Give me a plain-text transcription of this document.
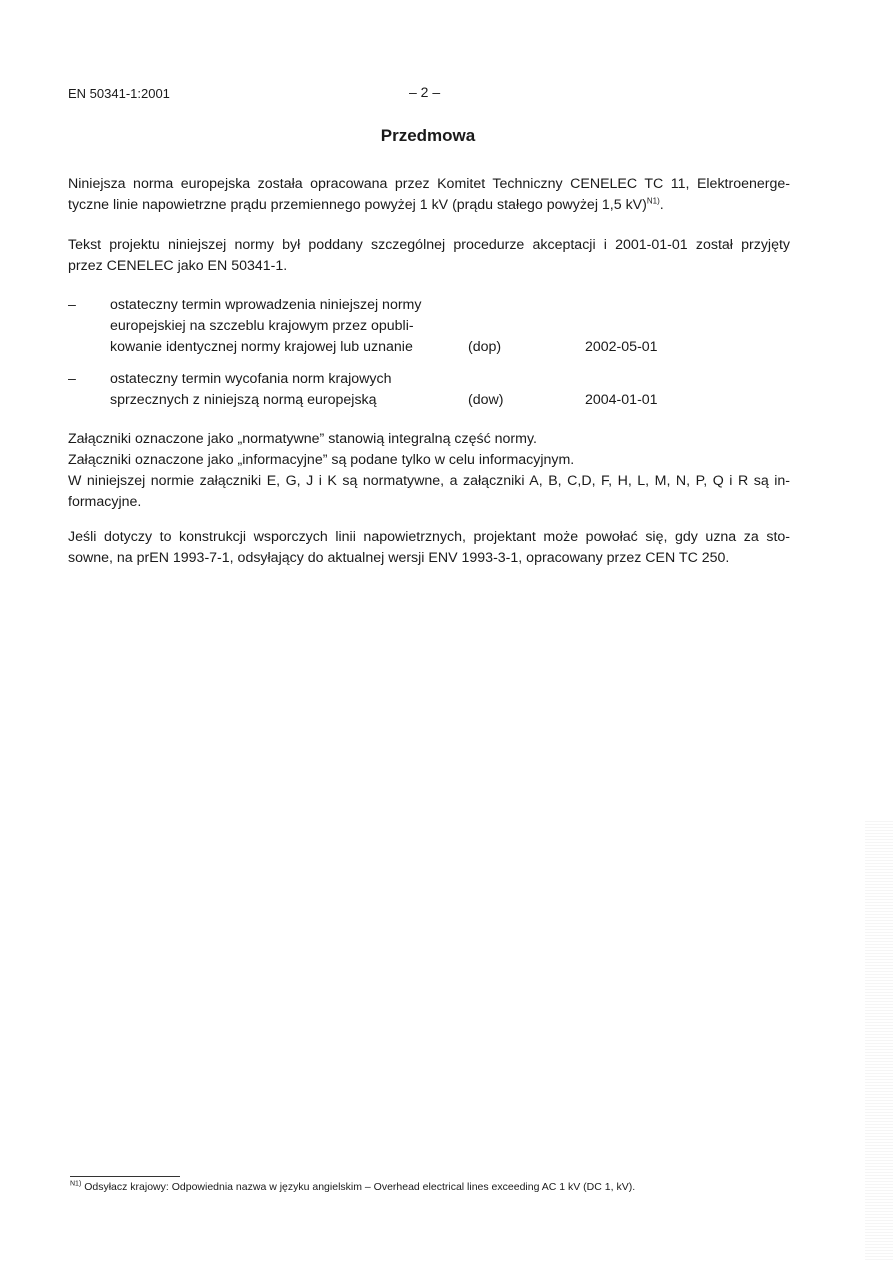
EN 50341-1:2001	– 2 –
Przedmowa
Niniejsza norma europejska została opracowana przez Komitet Techniczny CENELEC TC 11, Elektroenerge-
tyczne linie napowietrzne prądu przemiennego powyżej 1 kV (prądu stałego powyżej 1,5 kV)$^{N1)}$.
Tekst projektu niniejszej normy był poddany szczególnej procedurze akceptacji i 2001-01-01 został przyjęty
przez CENELEC jako EN 50341-1.
– ostateczny termin wprowadzenia niniejszej normy
europejskiej na szczeblu krajowym przez opubli-
kowanie identycznej normy krajowej lub uznanie	(dop)	2002-05-01
– ostateczny termin wycofania norm krajowych
sprzecznych z niniejszą normą europejską	(dow)	2004-01-01
Załączniki oznaczone jako „normatywne” stanowią integralną część normy.
Załączniki oznaczone jako „informacyjne” są podane tylko w celu informacyjnym.
W niniejszej normie załączniki E, G, J i K są normatywne, a załączniki A, B, C,D, F, H, L, M, N, P, Q i R są in-
formacyjne.
Jeśli dotyczy to konstrukcji wsporczych linii napowietrznych, projektant może powołać się, gdy uzna za sto-
sowne, na prEN 1993-7-1, odsyłający do aktualnej wersji ENV 1993-3-1, opracowany przez CEN TC 250.
$^{N1)}$ Odsyłacz krajowy: Odpowiednia nazwa w języku angielskim – Overhead electrical lines exceeding AC 1 kV (DC 1, kV).
